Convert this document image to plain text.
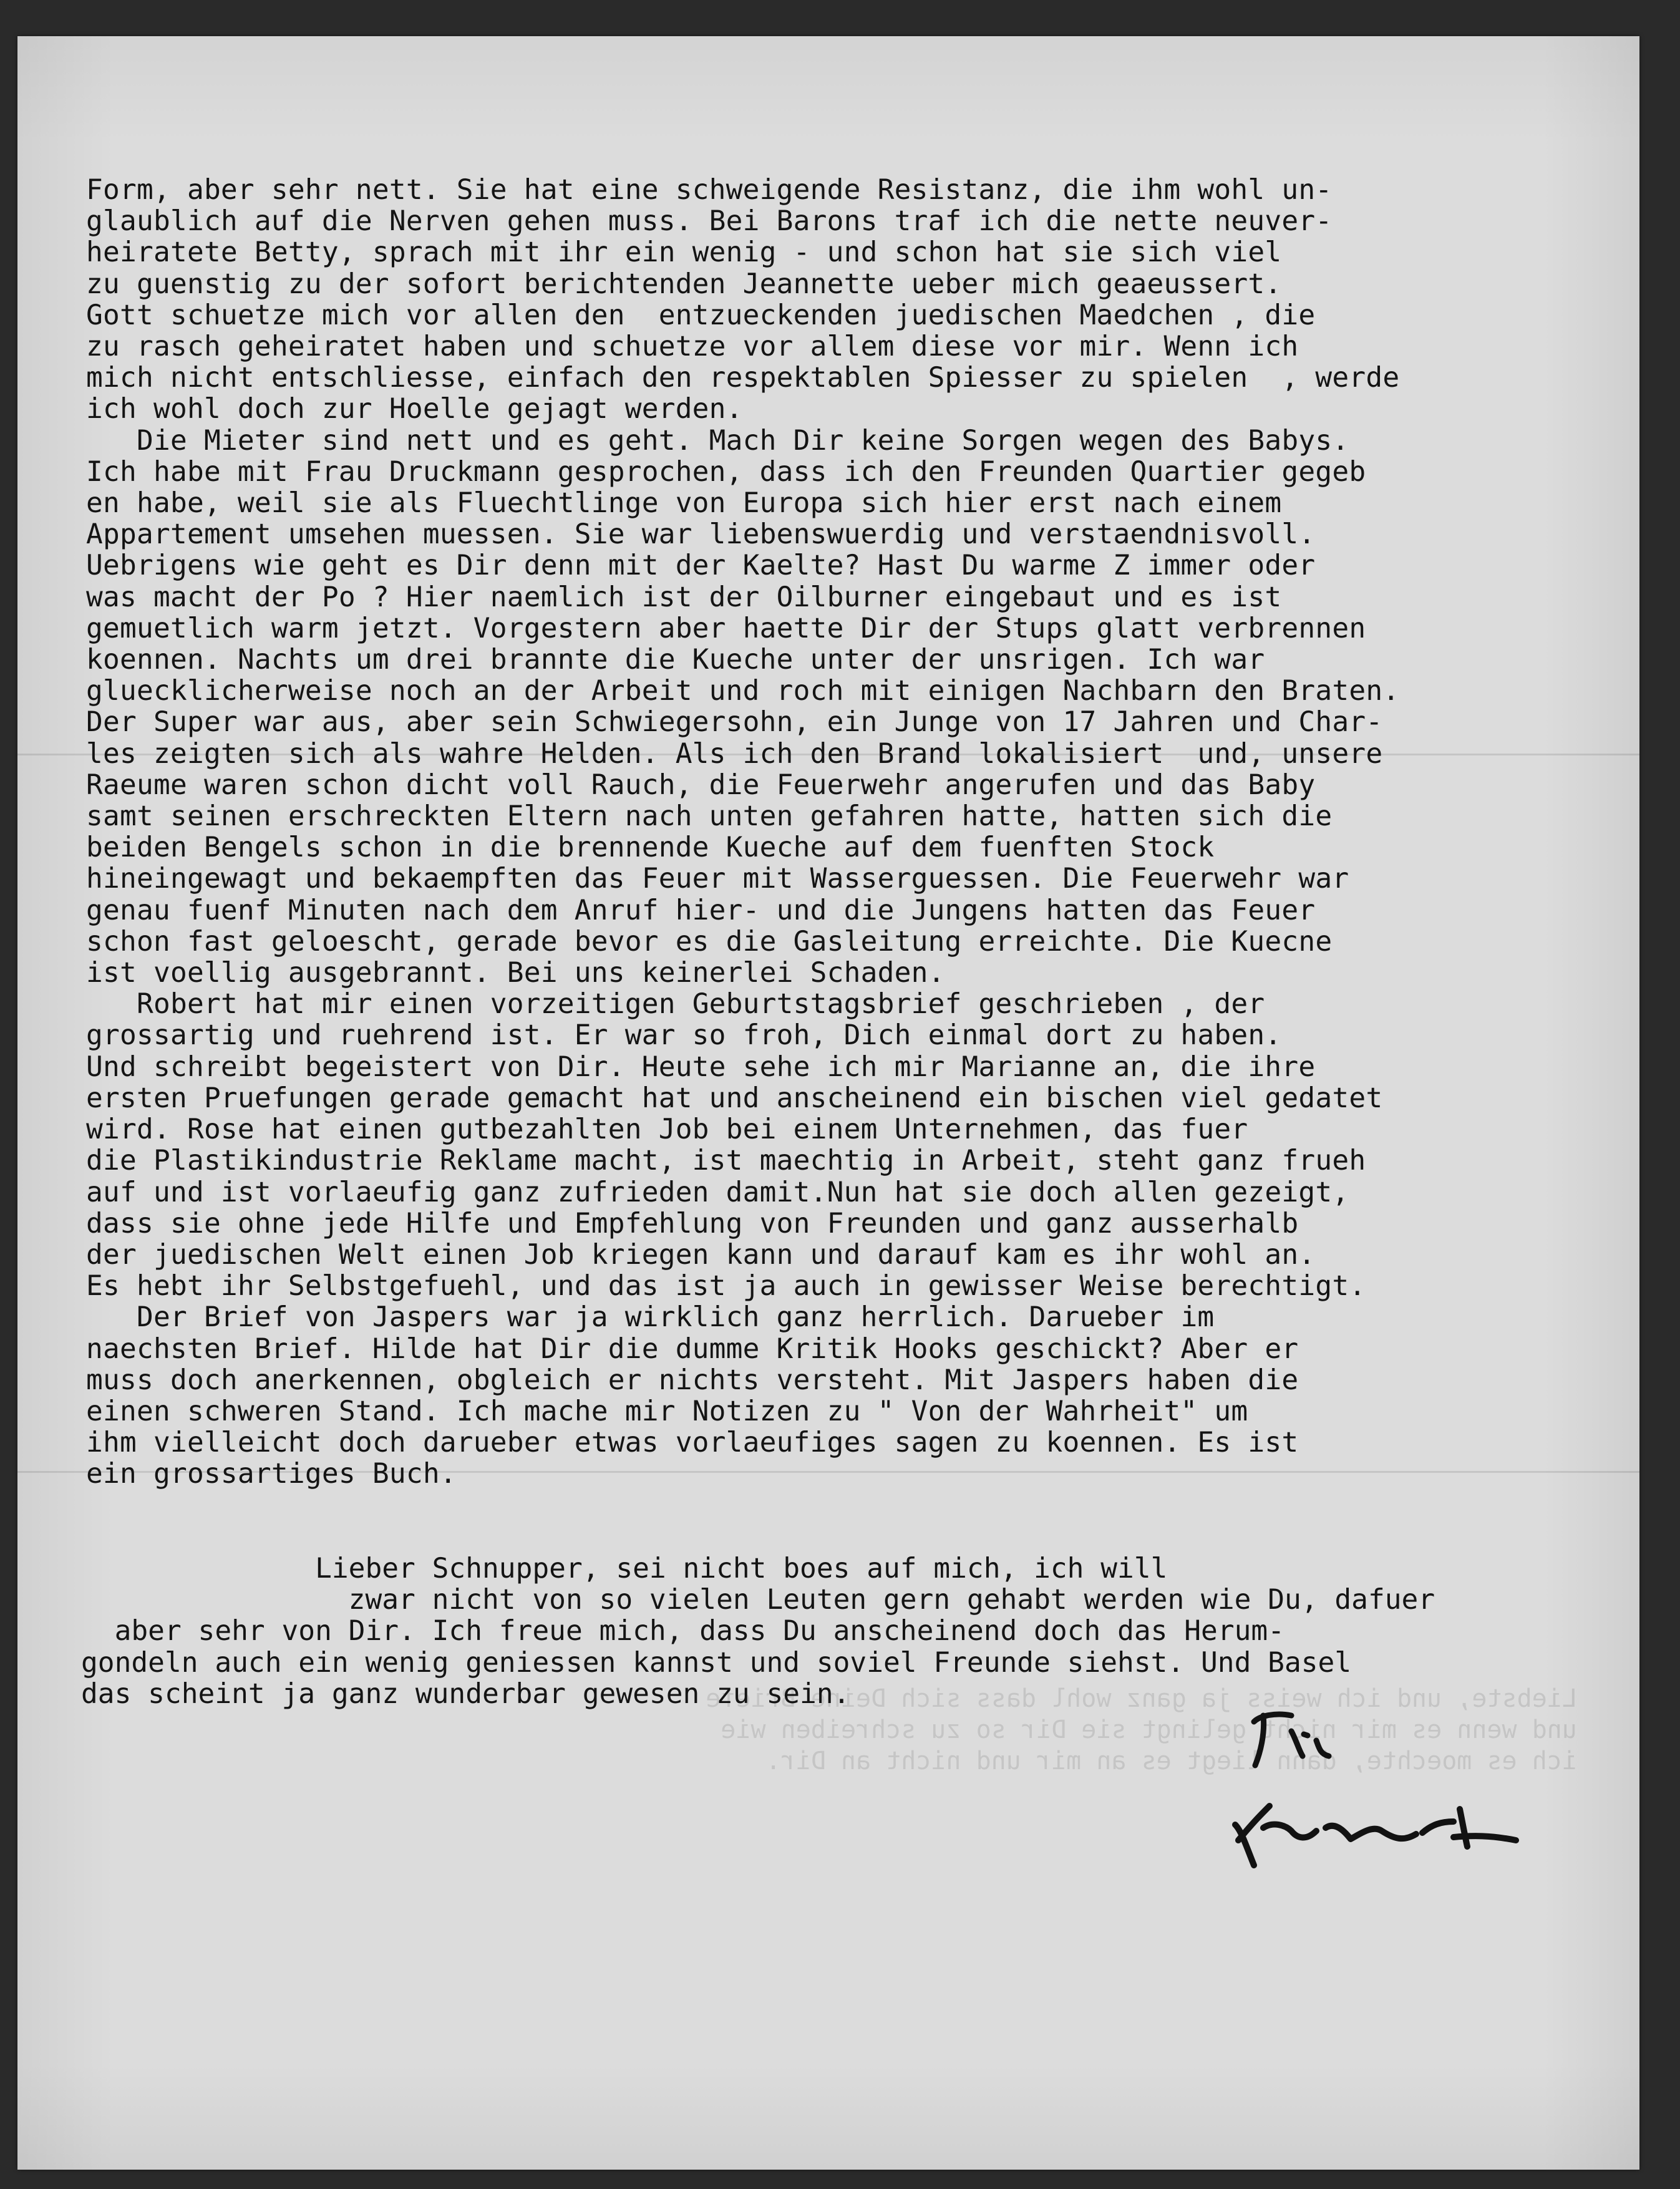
Liebste, und ich weiss ja ganz wohl dass sich Deine Briefe
und wenn es mir nicht gelingt sie Dir so zu schreiben wie
ich es moechte, dann liegt es an mir und nicht an Dir.

Form, aber sehr nett. Sie hat eine schweigende Resistanz, die ihm wohl un-
glaublich auf die Nerven gehen muss. Bei Barons traf ich die nette neuver-
heiratete Betty, sprach mit ihr ein wenig - und schon hat sie sich viel
zu guenstig zu der sofort berichtenden Jeannette ueber mich geaeussert.
Gott schuetze mich vor allen den  entzueckenden juedischen Maedchen , die
zu rasch geheiratet haben und schuetze vor allem diese vor mir. Wenn ich
mich nicht entschliesse, einfach den respektablen Spiesser zu spielen  , werde
ich wohl doch zur Hoelle gejagt werden.

Die Mieter sind nett und es geht. Mach Dir keine Sorgen wegen des Babys.
Ich habe mit Frau Druckmann gesprochen, dass ich den Freunden Quartier gegeb
en habe, weil sie als Fluechtlinge von Europa sich hier erst nach einem
Appartement umsehen muessen. Sie war liebenswuerdig und verstaendnisvoll.
Uebrigens wie geht es Dir denn mit der Kaelte? Hast Du warme Z immer oder
was macht der Po ? Hier naemlich ist der Oilburner eingebaut und es ist
gemuetlich warm jetzt. Vorgestern aber haette Dir der Stups glatt verbrennen
koennen. Nachts um drei brannte die Kueche unter der unsrigen. Ich war
gluecklicherweise noch an der Arbeit und roch mit einigen Nachbarn den Braten.
Der Super war aus, aber sein Schwiegersohn, ein Junge von 17 Jahren und Char-
les zeigten sich als wahre Helden. Als ich den Brand lokalisiert  und, unsere
Raeume waren schon dicht voll Rauch, die Feuerwehr angerufen und das Baby
samt seinen erschreckten Eltern nach unten gefahren hatte, hatten sich die
beiden Bengels schon in die brennende Kueche auf dem fuenften Stock
hineingewagt und bekaempften das Feuer mit Wasserguessen. Die Feuerwehr war
genau fuenf Minuten nach dem Anruf hier- und die Jungens hatten das Feuer
schon fast geloescht, gerade bevor es die Gasleitung erreichte. Die Kuecne
ist voellig ausgebrannt. Bei uns keinerlei Schaden.

Robert hat mir einen vorzeitigen Geburtstagsbrief geschrieben , der
grossartig und ruehrend ist. Er war so froh, Dich einmal dort zu haben.
Und schreibt begeistert von Dir. Heute sehe ich mir Marianne an, die ihre
ersten Pruefungen gerade gemacht hat und anscheinend ein bischen viel gedatet
wird. Rose hat einen gutbezahlten Job bei einem Unternehmen, das fuer
die Plastikindustrie Reklame macht, ist maechtig in Arbeit, steht ganz frueh
auf und ist vorlaeufig ganz zufrieden damit.Nun hat sie doch allen gezeigt,
dass sie ohne jede Hilfe und Empfehlung von Freunden und ganz ausserhalb
der juedischen Welt einen Job kriegen kann und darauf kam es ihr wohl an.
Es hebt ihr Selbstgefuehl, und das ist ja auch in gewisser Weise berechtigt.

Der Brief von Jaspers war ja wirklich ganz herrlich. Darueber im
naechsten Brief. Hilde hat Dir die dumme Kritik Hooks geschickt? Aber er
muss doch anerkennen, obgleich er nichts versteht. Mit Jaspers haben die
einen schweren Stand. Ich mache mir Notizen zu " Von der Wahrheit" um
ihm vielleicht doch darueber etwas vorlaeufiges sagen zu koennen. Es ist
ein grossartiges Buch.

Lieber Schnupper, sei nicht boes auf mich, ich will
zwar nicht von so vielen Leuten gern gehabt werden wie Du, dafuer
aber sehr von Dir. Ich freue mich, dass Du anscheinend doch das Herum-
gondeln auch ein wenig geniessen kannst und soviel Freunde siehst. Und Basel
das scheint ja ganz wunderbar gewesen zu sein.
